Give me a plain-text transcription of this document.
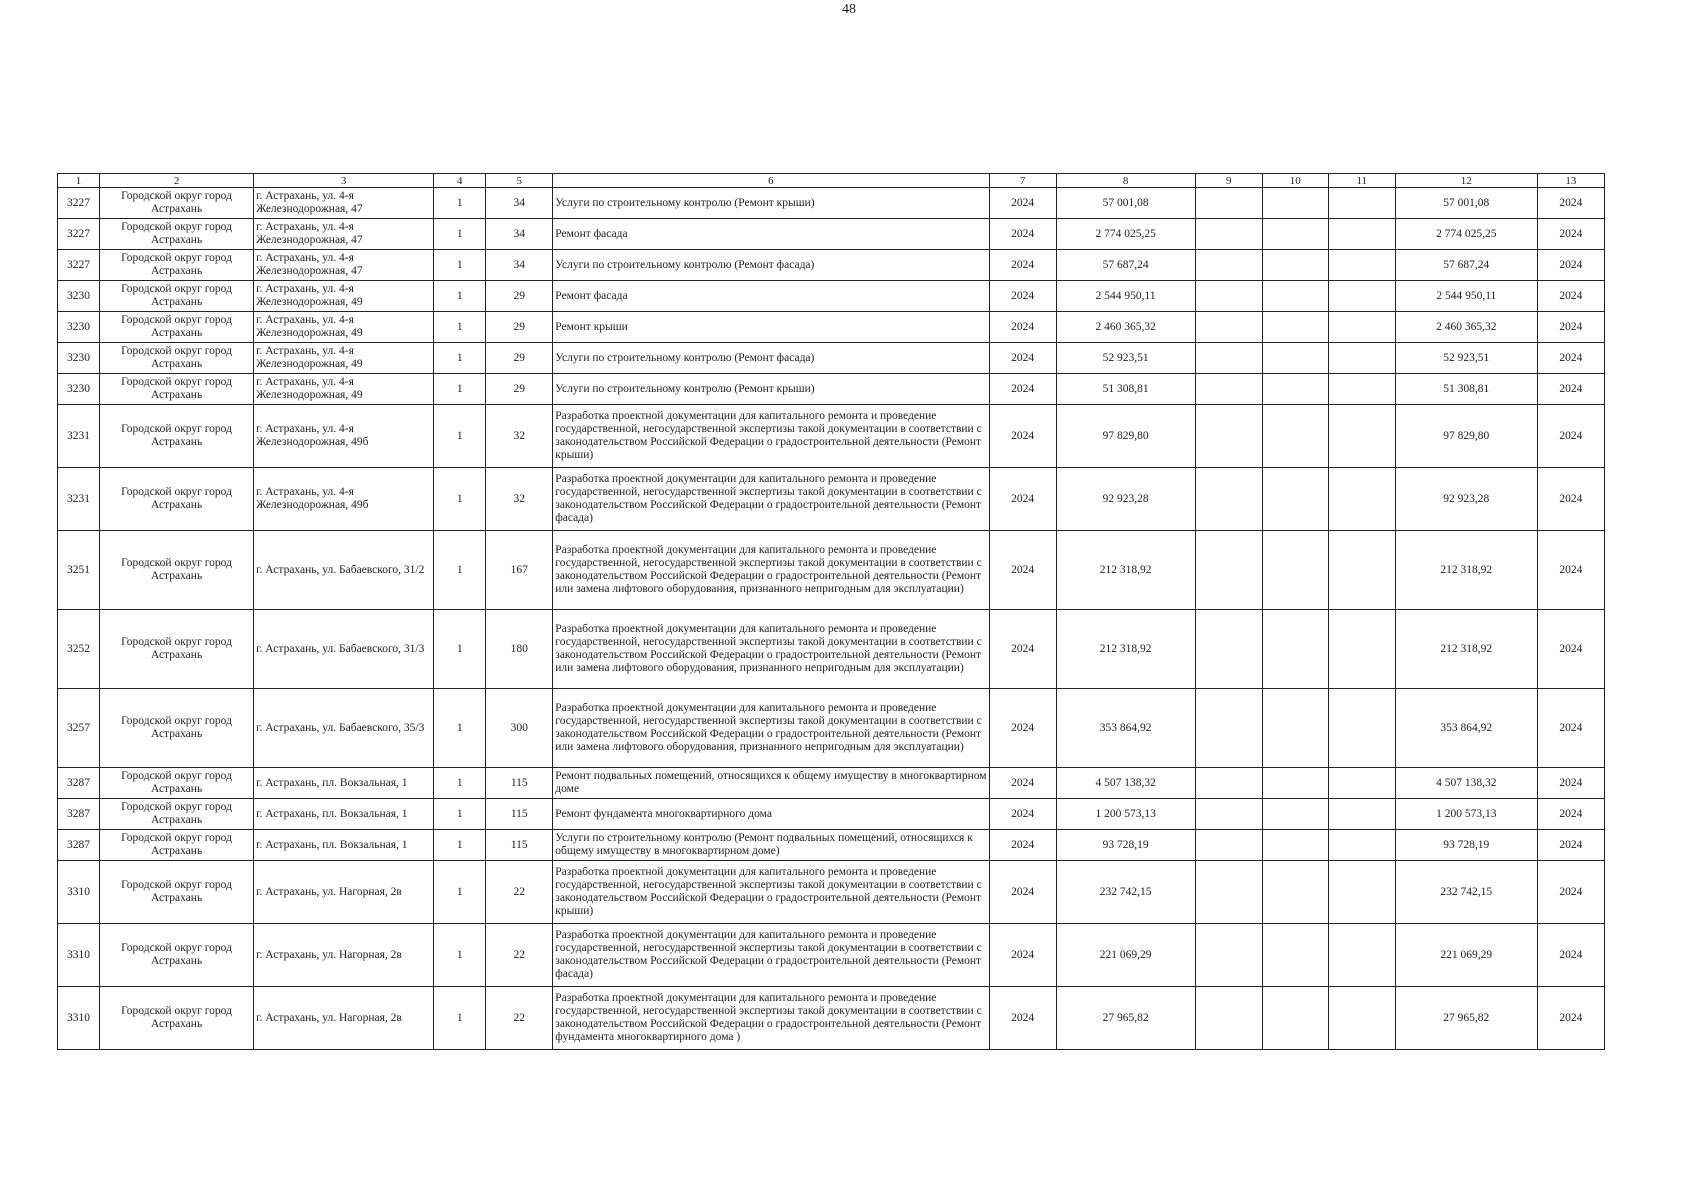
48
1	2	3	4	5	6	7	8	9	10	11	12	13
3227	Городской округ город Астрахань	г. Астрахань, ул. 4-я Железнодорожная, 47	1	34	Услуги по строительному контролю (Ремонт крыши)	2024	57 001,08				57 001,08	2024
3227	Городской округ город Астрахань	г. Астрахань, ул. 4-я Железнодорожная, 47	1	34	Ремонт фасада	2024	2 774 025,25				2 774 025,25	2024
3227	Городской округ город Астрахань	г. Астрахань, ул. 4-я Железнодорожная, 47	1	34	Услуги по строительному контролю (Ремонт фасада)	2024	57 687,24				57 687,24	2024
3230	Городской округ город Астрахань	г. Астрахань, ул. 4-я Железнодорожная, 49	1	29	Ремонт фасада	2024	2 544 950,11				2 544 950,11	2024
3230	Городской округ город Астрахань	г. Астрахань, ул. 4-я Железнодорожная, 49	1	29	Ремонт крыши	2024	2 460 365,32				2 460 365,32	2024
3230	Городской округ город Астрахань	г. Астрахань, ул. 4-я Железнодорожная, 49	1	29	Услуги по строительному контролю (Ремонт фасада)	2024	52 923,51				52 923,51	2024
3230	Городской округ город Астрахань	г. Астрахань, ул. 4-я Железнодорожная, 49	1	29	Услуги по строительному контролю (Ремонт крыши)	2024	51 308,81				51 308,81	2024
3231	Городской округ город Астрахань	г. Астрахань, ул. 4-я Железнодорожная, 49б	1	32	Разработка проектной документации для капитального ремонта и проведение государственной, негосударственной экспертизы такой документации в соответствии с законодательством Российской Федерации о градостроительной деятельности (Ремонт крыши)	2024	97 829,80				97 829,80	2024
3231	Городской округ город Астрахань	г. Астрахань, ул. 4-я Железнодорожная, 49б	1	32	Разработка проектной документации для капитального ремонта и проведение государственной, негосударственной экспертизы такой документации в соответствии с законодательством Российской Федерации о градостроительной деятельности (Ремонт фасада)	2024	92 923,28				92 923,28	2024
3251	Городской округ город Астрахань	г. Астрахань, ул. Бабаевского, 31/2	1	167	Разработка проектной документации для капитального ремонта и проведение государственной, негосударственной экспертизы такой документации в соответствии с законодательством Российской Федерации о градостроительной деятельности (Ремонт или замена лифтового оборудования, признанного непригодным для эксплуатации)	2024	212 318,92				212 318,92	2024
3252	Городской округ город Астрахань	г. Астрахань, ул. Бабаевского, 31/3	1	180	Разработка проектной документации для капитального ремонта и проведение государственной, негосударственной экспертизы такой документации в соответствии с законодательством Российской Федерации о градостроительной деятельности (Ремонт или замена лифтового оборудования, признанного непригодным для эксплуатации)	2024	212 318,92				212 318,92	2024
3257	Городской округ город Астрахань	г. Астрахань, ул. Бабаевского, 35/3	1	300	Разработка проектной документации для капитального ремонта и проведение государственной, негосударственной экспертизы такой документации в соответствии с законодательством Российской Федерации о градостроительной деятельности (Ремонт или замена лифтового оборудования, признанного непригодным для эксплуатации)	2024	353 864,92				353 864,92	2024
3287	Городской округ город Астрахань	г. Астрахань, пл. Вокзальная, 1	1	115	Ремонт подвальных помещений, относящихся к общему имуществу в многоквартирном доме	2024	4 507 138,32				4 507 138,32	2024
3287	Городской округ город Астрахань	г. Астрахань, пл. Вокзальная, 1	1	115	Ремонт фундамента многоквартирного дома	2024	1 200 573,13				1 200 573,13	2024
3287	Городской округ город Астрахань	г. Астрахань, пл. Вокзальная, 1	1	115	Услуги по строительному контролю (Ремонт подвальных помещений, относящихся к общему имуществу в многоквартирном доме)	2024	93 728,19				93 728,19	2024
3310	Городской округ город Астрахань	г. Астрахань, ул. Нагорная, 2в	1	22	Разработка проектной документации для капитального ремонта и проведение государственной, негосударственной экспертизы такой документации в соответствии с законодательством Российской Федерации о градостроительной деятельности (Ремонт крыши)	2024	232 742,15				232 742,15	2024
3310	Городской округ город Астрахань	г. Астрахань, ул. Нагорная, 2в	1	22	Разработка проектной документации для капитального ремонта и проведение государственной, негосударственной экспертизы такой документации в соответствии с законодательством Российской Федерации о градостроительной деятельности (Ремонт фасада)	2024	221 069,29				221 069,29	2024
3310	Городской округ город Астрахань	г. Астрахань, ул. Нагорная, 2в	1	22	Разработка проектной документации для капитального ремонта и проведение государственной, негосударственной экспертизы такой документации в соответствии с законодательством Российской Федерации о градостроительной деятельности (Ремонт фундамента многоквартирного дома )	2024	27 965,82				27 965,82	2024
